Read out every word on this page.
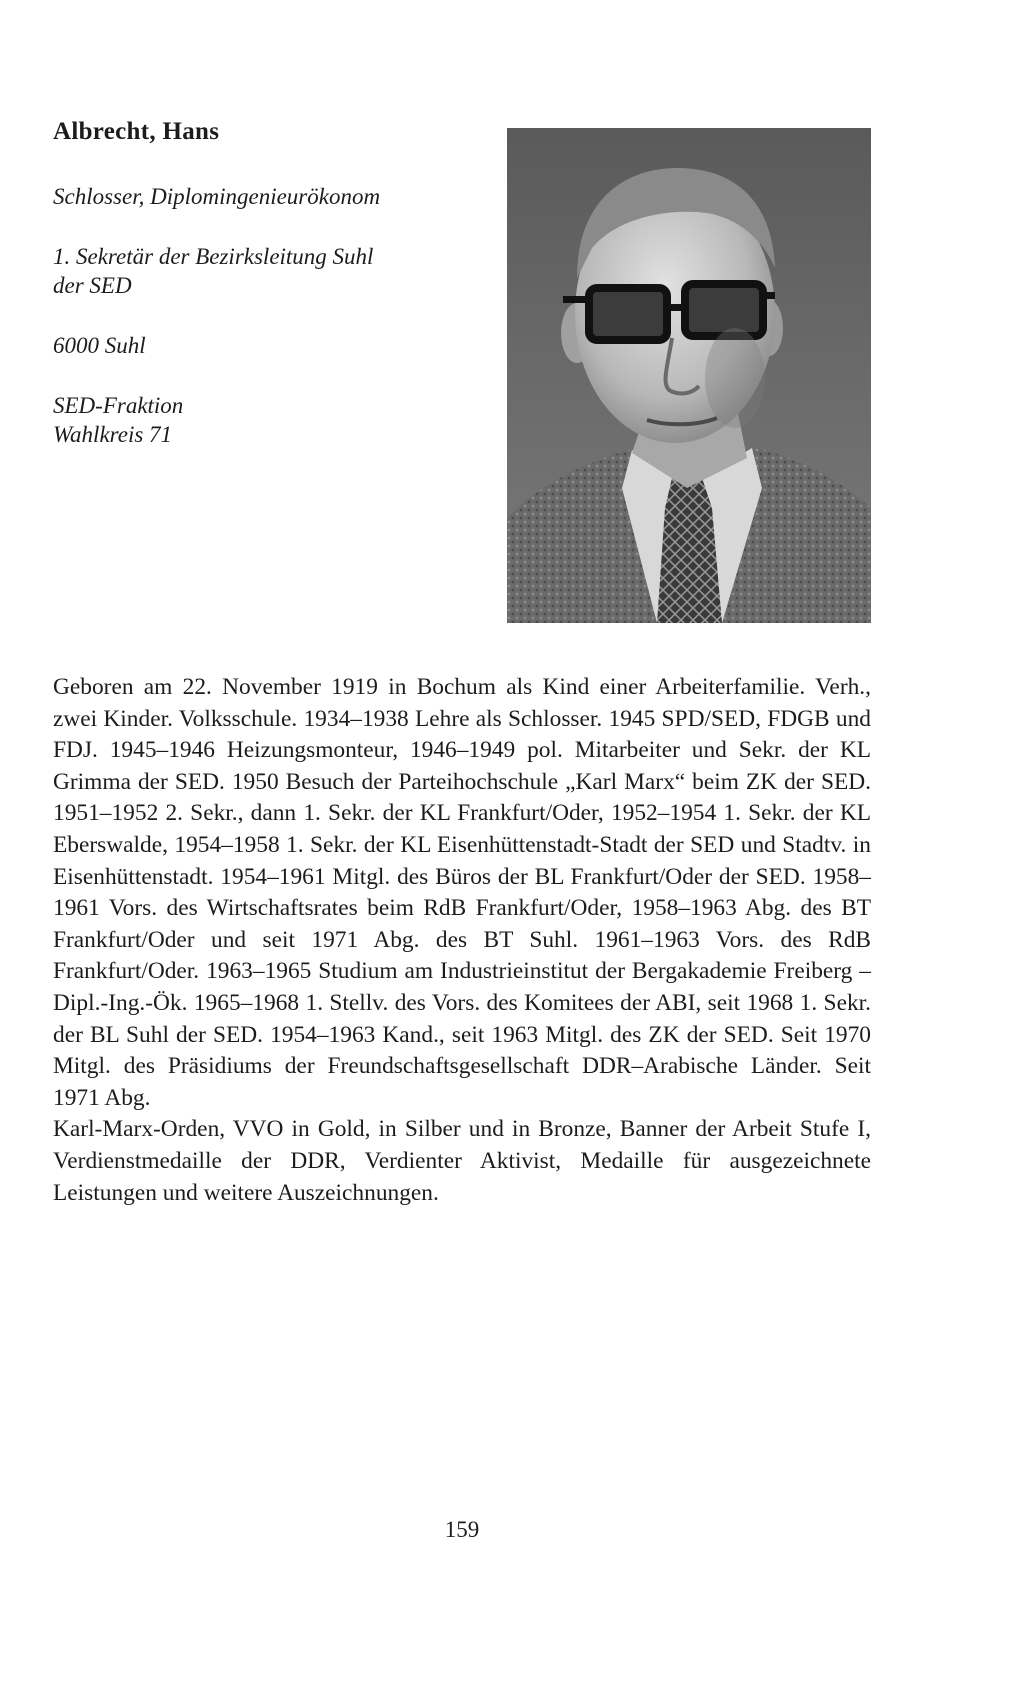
Albrecht, Hans
Schlosser, Diplomingenieurökonom
1. Sekretär der Bezirksleitung Suhl
der SED
6000 Suhl
SED-Fraktion
Wahlkreis 71

Geboren am 22. November 1919 in Bochum als Kind einer Arbeiterfamilie. Verh., zwei Kinder. Volksschule. 1934–1938 Lehre als Schlosser. 1945 SPD/SED, FDGB und FDJ. 1945–1946 Heizungsmonteur, 1946–1949 pol. Mitarbeiter und Sekr. der KL Grimma der SED. 1950 Besuch der Parteihochschule „Karl Marx“ beim ZK der SED. 1951–1952 2. Sekr., dann 1. Sekr. der KL Frankfurt/Oder, 1952–1954 1. Sekr. der KL Eberswalde, 1954–1958 1. Sekr. der KL Eisenhüttenstadt-Stadt der SED und Stadtv. in Eisenhüttenstadt. 1954–1961 Mitgl. des Büros der BL Frankfurt/Oder der SED. 1958–1961 Vors. des Wirtschaftsrates beim RdB Frankfurt/Oder, 1958–1963 Abg. des BT Frankfurt/Oder und seit 1971 Abg. des BT Suhl. 1961–1963 Vors. des RdB Frankfurt/Oder. 1963–1965 Studium am Industrieinstitut der Bergakademie Freiberg – Dipl.-Ing.-Ök. 1965–1968 1. Stellv. des Vors. des Komitees der ABI, seit 1968 1. Sekr. der BL Suhl der SED. 1954–1963 Kand., seit 1963 Mitgl. des ZK der SED. Seit 1970 Mitgl. des Präsidiums der Freundschaftsgesellschaft DDR–Arabische Länder. Seit 1971 Abg.

Karl-Marx-Orden, VVO in Gold, in Silber und in Bronze, Banner der Arbeit Stufe I, Verdienstmedaille der DDR, Verdienter Aktivist, Medaille für ausgezeichnete Leistungen und weitere Auszeichnungen.

159
